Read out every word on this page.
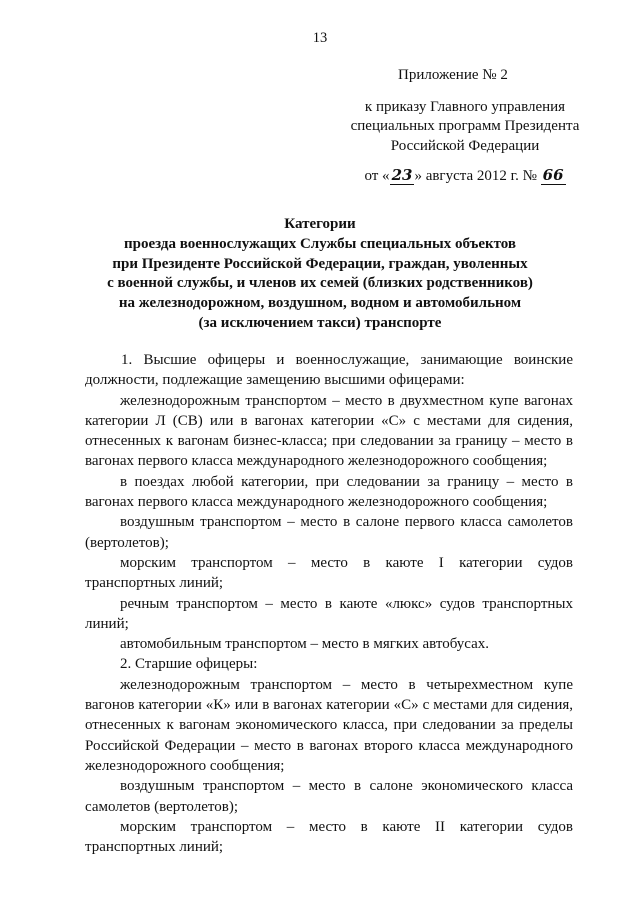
13
Приложение № 2
к приказу Главного управления
специальных программ Президента
Российской Федерации
от « 23 » августа 2012 г. № 66
Категории
проезда военнослужащих Службы специальных объектов
при Президенте Российской Федерации, граждан, уволенных
с военной службы, и членов их семей (близких родственников)
на железнодорожном, воздушном, водном и автомобильном
(за исключением такси) транспорте
1. Высшие офицеры и военнослужащие, занимающие воинские должности, подлежащие замещению высшими офицерами:
железнодорожным транспортом – место в двухместном купе вагонах категории Л (СВ) или в вагонах категории «С» с местами для сидения, отнесенных к вагонам бизнес-класса; при следовании за границу – место в вагонах первого класса международного железнодорожного сообщения;
в поездах любой категории, при следовании за границу – место в вагонах первого класса международного железнодорожного сообщения;
воздушным транспортом – место в салоне первого класса самолетов (вертолетов);
морским транспортом – место в каюте I категории судов транспортных линий;
речным транспортом – место в каюте «люкс» судов транспортных линий;
автомобильным транспортом – место в мягких автобусах.
2. Старшие офицеры:
железнодорожным транспортом – место в четырехместном купе вагонов категории «К» или в вагонах категории «С» с местами для сидения, отнесенных к вагонам экономического класса, при следовании за пределы Российской Федерации – место в вагонах второго класса международного железнодорожного сообщения;
воздушным транспортом – место в салоне экономического класса самолетов (вертолетов);
морским транспортом – место в каюте II категории судов транспортных линий;
